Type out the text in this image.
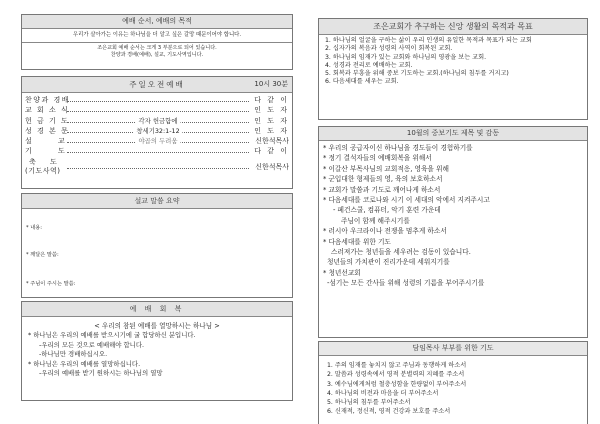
예배 순서, 예배의 목적
우리가 살아가는 이유는 하나님을 더 알고 싶은 갈망 때문이어야 합니다.
조은교회 예배 순서는 크게 3 부분으로 되어 있습니다.
찬양과 경배(예배), 설교, 기도사역입니다.
주일오전예배	10시 30분
찬양과 경배	다 같 이
교 회 소 식	인 도 자
헌 금 기 도	각자 헌금함에	인 도 자
성 경 본 문	창세기32:1-12	인 도 자
설 교	야곱의 두려움	신한석목사
기 도	다 같 이
축 도
(기도사역)	신한석목사
설교 말씀 요약
* 내용:
* 깨달은 말씀:
* 주님이 주시는 말씀:
예 배 회 복
< 우리의 참된 예배를 열망하시는 하나님 >
* 하나님은 우리의 예배를 받으시기에 굴 합당하신 분입니다.
-우리의 모든 것으로 예배해야 합니다.
-하나님만 경배하십시오.
* 하나님은 우리의 예배를 열망하십니다.
-우리의 예배를 받기 원하시는 하나님의 열망
조은교회가 추구하는 신앙 생활의 목적과 목표
1. 하나님의 얼굴을 구하는 삶이 우리 인생의 유일한 목적과 목표가 되는 교회
2. 십자가의 복음과 성령의 사역이 회복된 교회.
3. 하나님의 임재가 있는 교회와 하나님의 영광을 보는 교회.
4. 성경과 전리로 예배하는 교회.
5. 회복과 부흥을 위해 중보 기도하는 교회.(하나님의 침두를 거지고)
6. 다음세대를 세우는 교회.
10월의 중보기도 제목 및 감동
* 우리의 공급자이신 하나님을 경도들이 경험하기를
* 정기 결석자들의 예배회복을 위해서
* 이갈산 부목사님의 교회적응, 영육을 위해
* 군입대한 형제들의 영, 육의 보호하소서
* 교회가 말씀과 기도로 깨어나게 하소서
* 다음세대를 코로나와 시기 이 세대의 악에서 지켜주시고
- 페건스쿨, 컴퓨터, 악기 훈련 가운데
주님이 함께 해주시기를
* 러시아 우크라이나 전쟁을 멈추게 하소서
* 다음세대를 위한 기도
스러져가는 청년들을 세우려는 검동이 있습니다.
청년들의 가치관이 진리가운데 세워지기를
* 청년선교회
-섬기는 모든 간사들 위해 성령의 기름을 부어주시기를
담임목사 부부를 위한 기도
1. 주의 임재를 놓치지 않고 주님과 동행하게 하소서
2. 말씀과 성령속에서 영적 분별력의 지혜를 주소서
3. 예수님에게처럼 철충성함을 한량없이 부어주소서
4. 하나님의 비전과 마음을 더 부어주소서
5. 하나님의 침두를 부어주소서
6. 신재적, 정신적, 영적 건강과 보호를 주소서
